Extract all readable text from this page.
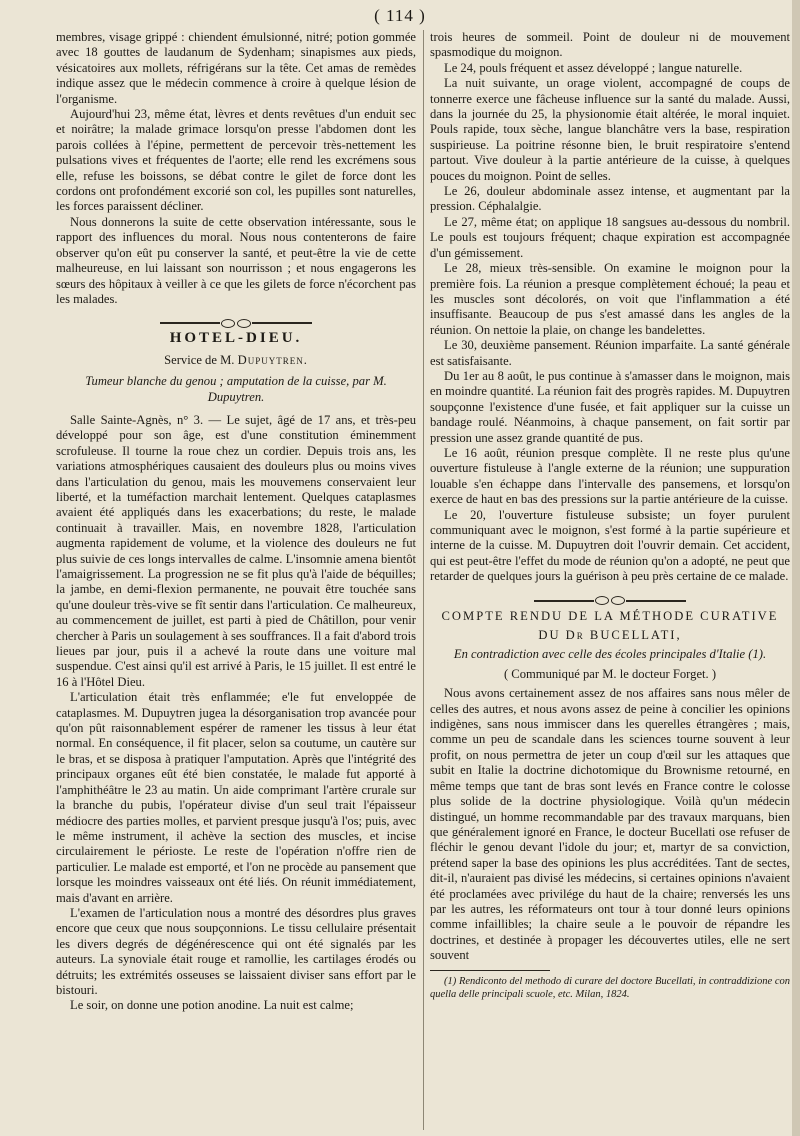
( 114 )

membres, visage grippé : chiendent émulsionné, nitré; potion gommée avec 18 gouttes de laudanum de Sydenham; sinapismes aux pieds, vésicatoires aux mollets, réfrigérans sur la tête. Cet amas de remèdes indique assez que le médecin commence à croire à quelque lésion de l'organisme.

Aujourd'hui 23, même état, lèvres et dents revêtues d'un enduit sec et noirâtre; la malade grimace lorsqu'on presse l'abdomen dont les parois collées à l'épine, permettent de percevoir très-nettement les pulsations vives et fréquentes de l'aorte; elle rend les excrémens sous elle, refuse les boissons, se débat contre le gilet de force dont les cordons ont profondément excorié son col, les pupilles sont naturelles, les forces paraissent décliner.

Nous donnerons la suite de cette observation intéressante, sous le rapport des influences du moral. Nous nous contenterons de faire observer qu'on eût pu conserver la santé, et peut-être la vie de cette malheureuse, en lui laissant son nourrisson ; et nous engagerons les sœurs des hôpitaux à veiller à ce que les gilets de force n'écorchent pas les malades.

HOTEL-DIEU.
Service de M. Dupuytren.
Tumeur blanche du genou ; amputation de la cuisse, par M. Dupuytren.

Salle Sainte-Agnès, n° 3. — Le sujet, âgé de 17 ans, et très-peu développé pour son âge, est d'une constitution éminemment scrofuleuse. Il tourne la roue chez un cordier. Depuis trois ans, les variations atmosphériques causaient des douleurs plus ou moins vives dans l'articulation du genou, mais les mouvemens conservaient leur liberté, et la tuméfaction marchait lentement. Quelques cataplasmes avaient été appliqués dans les exacerbations; du reste, le malade continuait à travailler. Mais, en novembre 1828, l'articulation augmenta rapidement de volume, et la violence des douleurs ne fut plus suivie de ces longs intervalles de calme. L'insomnie amena bientôt l'amaigrissement. La progression ne se fit plus qu'à l'aide de béquilles; la jambe, en demi-flexion permanente, ne pouvait être touchée sans qu'une douleur très-vive se fît sentir dans l'articulation. Ce malheureux, au commencement de juillet, est parti à pied de Châtillon, pour venir chercher à Paris un soulagement à ses souffrances. Il a fait d'abord trois lieues par jour, puis il a achevé la route dans une voiture mal suspendue. C'est ainsi qu'il est arrivé à Paris, le 15 juillet. Il est entré le 16 à l'Hôtel Dieu.

L'articulation était très enflammée; e'le fut enveloppée de cataplasmes. M. Dupuytren jugea la désorganisation trop avancée pour qu'on pût raisonnablement espérer de ramener les tissus à leur état normal. En conséquence, il fit placer, selon sa coutume, un cautère sur le bras, et se disposa à pratiquer l'amputation. Après que l'intégrité des principaux organes eût été bien constatée, le malade fut apporté à l'amphithéâtre le 23 au matin. Un aide comprimant l'artère crurale sur la branche du pubis, l'opérateur divise d'un seul trait l'épaisseur médiocre des parties molles, et parvient presque jusqu'à l'os; puis, avec le même instrument, il achève la section des muscles, et incise circulairement le périoste. Le reste de l'opération n'offre rien de particulier. Le malade est emporté, et l'on ne procède au pansement que lorsque les moindres vaisseaux ont été liés. On réunit immédiatement, mais d'avant en arrière.

L'examen de l'articulation nous a montré des désordres plus graves encore que ceux que nous soupçonnions. Le tissu cellulaire présentait les divers degrés de dégénérescence qui ont été signalés par les auteurs. La synoviale était rouge et ramollie, les cartilages érodés ou détruits; les extrémités osseuses se laissaient diviser sans effort par le bistouri.

Le soir, on donne une potion anodine. La nuit est calme;

trois heures de sommeil. Point de douleur ni de mouvement spasmodique du moignon.

Le 24, pouls fréquent et assez développé ; langue naturelle.

La nuit suivante, un orage violent, accompagné de coups de tonnerre exerce une fâcheuse influence sur la santé du malade. Aussi, dans la journée du 25, la physionomie était altérée, le moral inquiet. Pouls rapide, toux sèche, langue blanchâtre vers la base, respiration suspirieuse. La poitrine résonne bien, le bruit respiratoire s'entend partout. Vive douleur à la partie antérieure de la cuisse, à quelques pouces du moignon. Point de selles.

Le 26, douleur abdominale assez intense, et augmentant par la pression. Céphalalgie.

Le 27, même état; on applique 18 sangsues au-dessous du nombril. Le pouls est toujours fréquent; chaque expiration est accompagnée d'un gémissement.

Le 28, mieux très-sensible. On examine le moignon pour la première fois. La réunion a presque complètement échoué; la peau et les muscles sont décolorés, on voit que l'inflammation a été insuffisante. Beaucoup de pus s'est amassé dans les angles de la réunion. On nettoie la plaie, on change les bandelettes.

Le 30, deuxième pansement. Réunion imparfaite. La santé générale est satisfaisante.

Du 1er au 8 août, le pus continue à s'amasser dans le moignon, mais en moindre quantité. La réunion fait des progrès rapides. M. Dupuytren soupçonne l'existence d'une fusée, et fait appliquer sur la cuisse un bandage roulé. Néanmoins, à chaque pansement, on fait sortir par pression une assez grande quantité de pus.

Le 16 août, réunion presque complète. Il ne reste plus qu'une ouverture fistuleuse à l'angle externe de la réunion; une suppuration louable s'en échappe dans l'intervalle des pansemens, et lorsqu'on exerce de haut en bas des pressions sur la partie antérieure de la cuisse.

Le 20, l'ouverture fistuleuse subsiste; un foyer purulent communiquant avec le moignon, s'est formé à la partie supérieure et interne de la cuisse. M. Dupuytren doit l'ouvrir demain. Cet accident, qui est peut-être l'effet du mode de réunion qu'on a adopté, ne peut que retarder de quelques jours la guérison à peu près certaine de ce malade.

COMPTE RENDU DE LA MÉTHODE CURATIVE
DU Dr BUCELLATI,
En contradiction avec celle des écoles principales d'Italie (1).
( Communiqué par M. le docteur Forget. )

Nous avons certainement assez de nos affaires sans nous mêler de celles des autres, et nous avons assez de peine à concilier les opinions indigènes, sans nous immiscer dans les querelles étrangères ; mais, comme un peu de scandale dans les sciences tourne souvent à leur profit, on nous permettra de jeter un coup d'œil sur les attaques que subit en Italie la doctrine dichotomique du Brownisme retourné, en même temps que tant de bras sont levés en France contre le colosse plus solide de la doctrine physiologique. Voilà qu'un médecin distingué, un homme recommandable par des travaux marquans, bien que généralement ignoré en France, le docteur Bucellati ose refuser de fléchir le genou devant l'idole du jour; et, martyr de sa conviction, prétend saper la base des opinions les plus accréditées. Tant de sectes, dit-il, n'auraient pas divisé les médecins, si certaines opinions n'avaient été proclamées avec privilége du haut de la chaire; renversés les uns par les autres, les réformateurs ont tour à tour donné leurs opinions comme infaillibles; la chaire seule a le pouvoir de répandre les doctrines, et destinée à propager les découvertes utiles, elle ne sert souvent

(1) Rendiconto del methodo di curare del doctore Bucellati, in contraddizione con quella delle principali scuole, etc. Milan, 1824.
